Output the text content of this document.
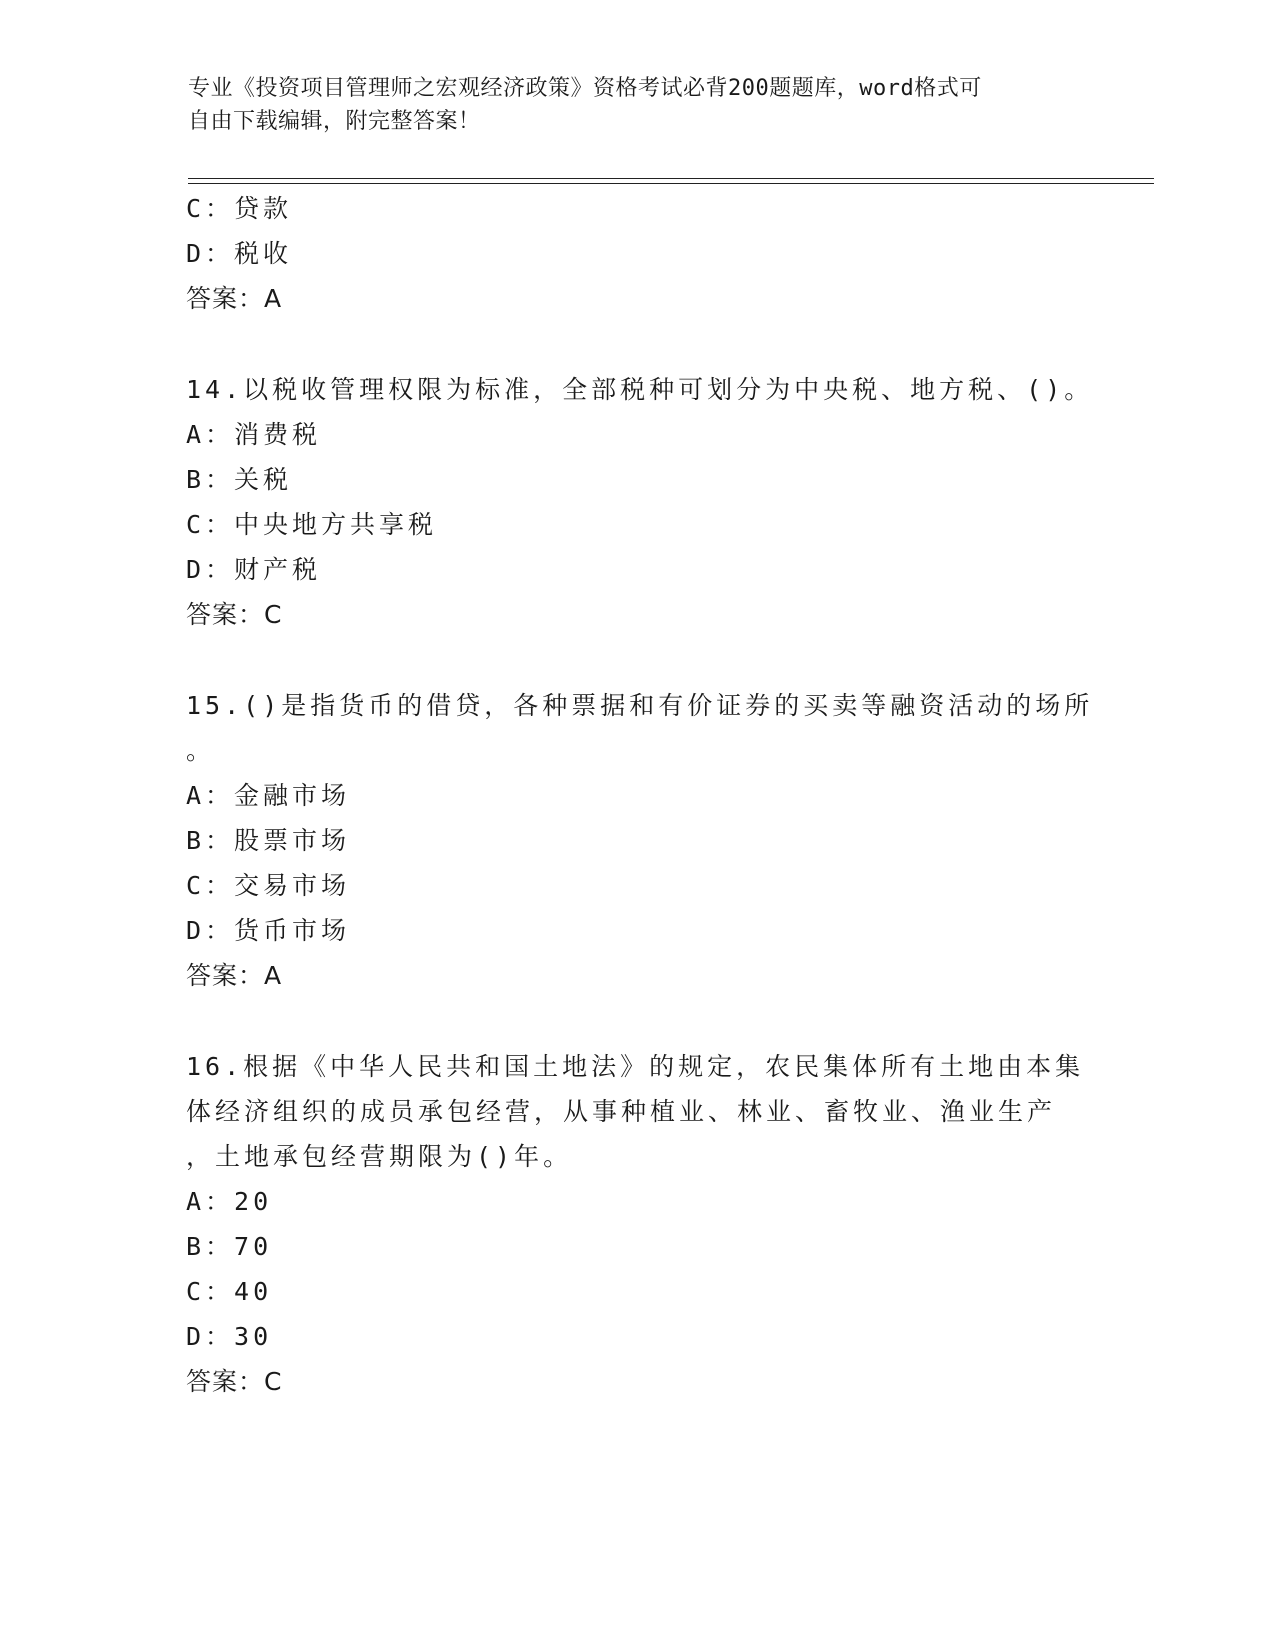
专业《投资项目管理师之宏观经济政策》资格考试必背200题题库，word格式可
自由下载编辑，附完整答案！
C：贷款
D：税收
答案：A
14.以税收管理权限为标准，全部税种可划分为中央税、地方税、()。
A：消费税
B：关税
C：中央地方共享税
D：财产税
答案：C
15.()是指货币的借贷，各种票据和有价证券的买卖等融资活动的场所
。
A：金融市场
B：股票市场
C：交易市场
D：货币市场
答案：A
16.根据《中华人民共和国土地法》的规定，农民集体所有土地由本集
体经济组织的成员承包经营，从事种植业、林业、畜牧业、渔业生产
，土地承包经营期限为()年。
A：20
B：70
C：40
D：30
答案：C
